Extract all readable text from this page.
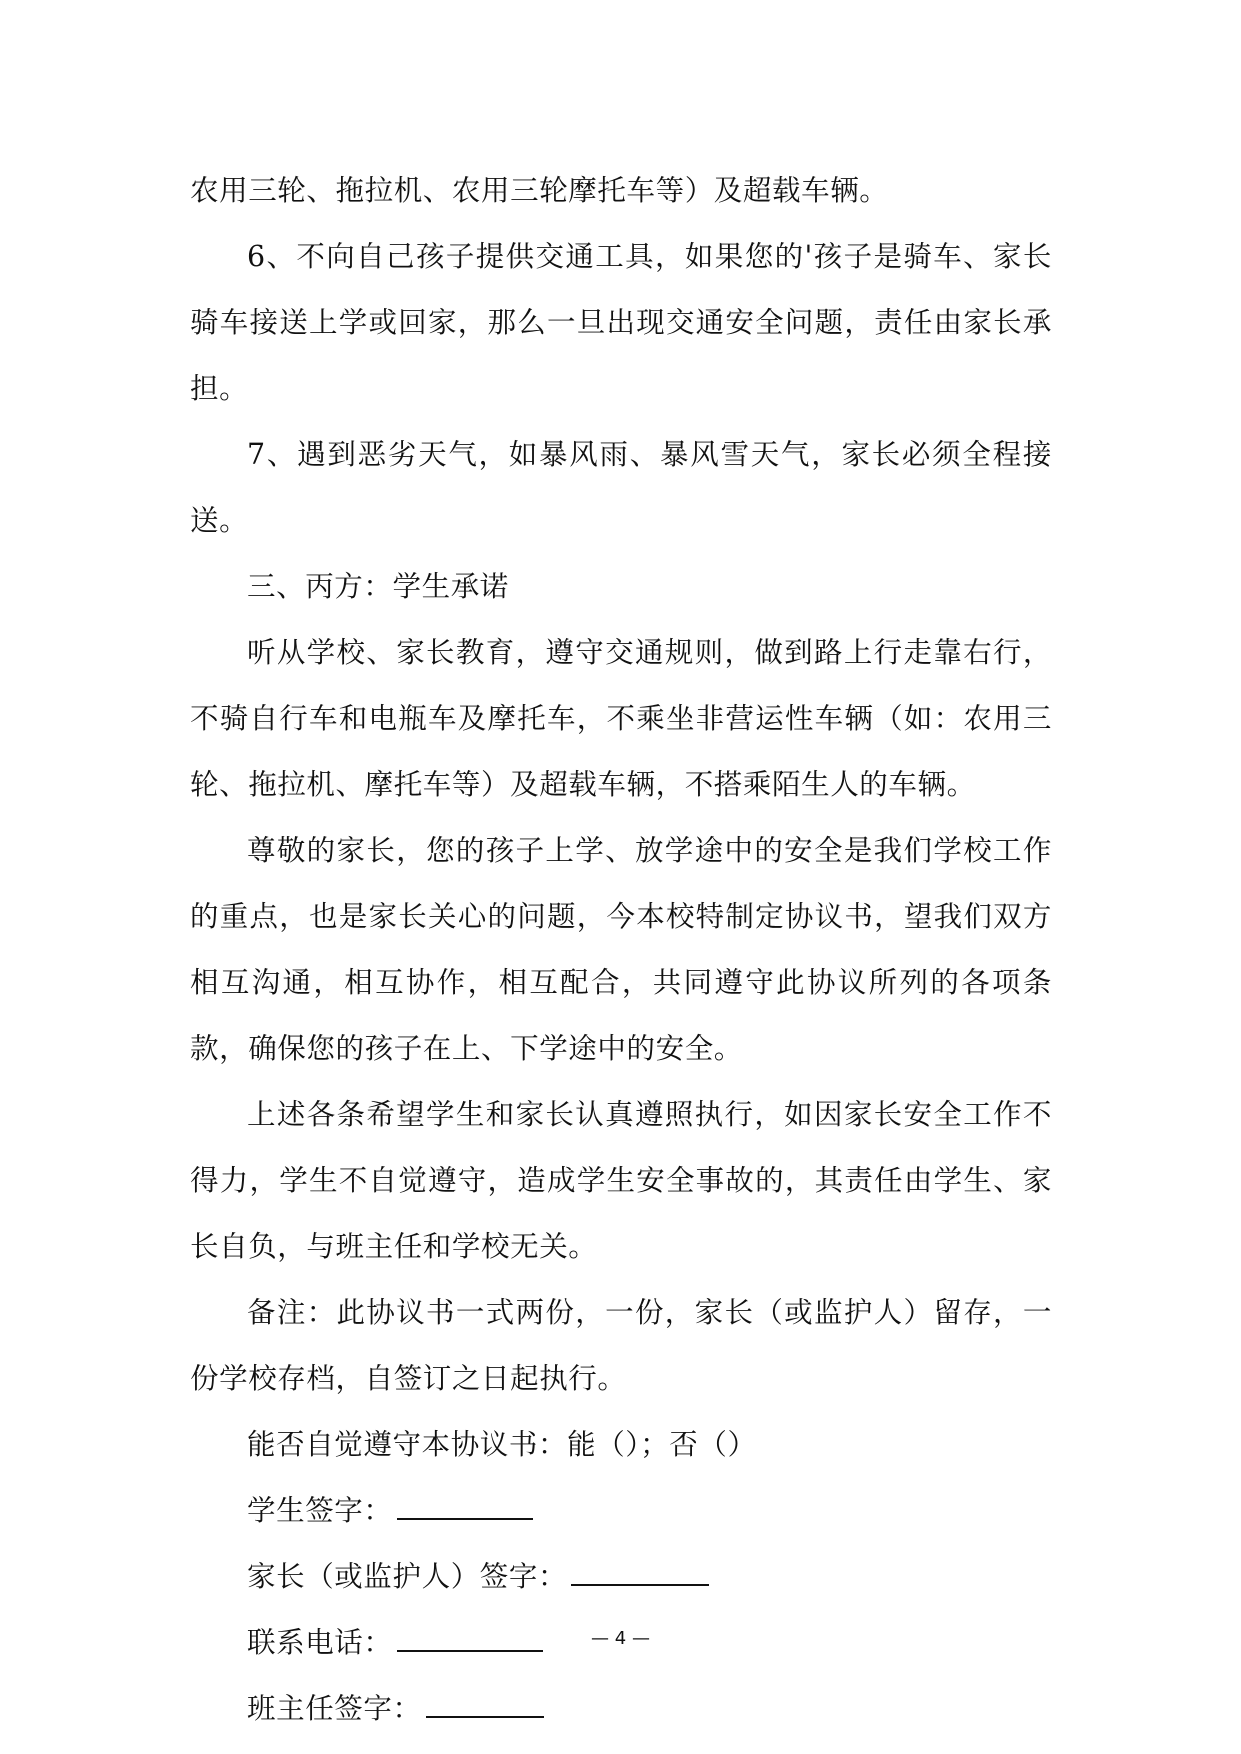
农用三轮、拖拉机、农用三轮摩托车等）及超载车辆。

6、不向自己孩子提供交通工具，如果您的'孩子是骑车、家长骑车接送上学或回家，那么一旦出现交通安全问题，责任由家长承担。

7、遇到恶劣天气，如暴风雨、暴风雪天气，家长必须全程接送。

三、丙方：学生承诺

听从学校、家长教育，遵守交通规则，做到路上行走靠右行，不骑自行车和电瓶车及摩托车，不乘坐非营运性车辆（如：农用三轮、拖拉机、摩托车等）及超载车辆，不搭乘陌生人的车辆。

尊敬的家长，您的孩子上学、放学途中的安全是我们学校工作的重点，也是家长关心的问题，今本校特制定协议书，望我们双方相互沟通，相互协作，相互配合，共同遵守此协议所列的各项条款，确保您的孩子在上、下学途中的安全。

上述各条希望学生和家长认真遵照执行，如因家长安全工作不得力，学生不自觉遵守，造成学生安全事故的，其责任由学生、家长自负，与班主任和学校无关。

备注：此协议书一式两份，一份，家长（或监护人）留存，一份学校存档，自签订之日起执行。

能否自觉遵守本协议书：能（）；否（）

学生签字：

家长（或监护人）签字：

联系电话：

班主任签字：

— 4 —
